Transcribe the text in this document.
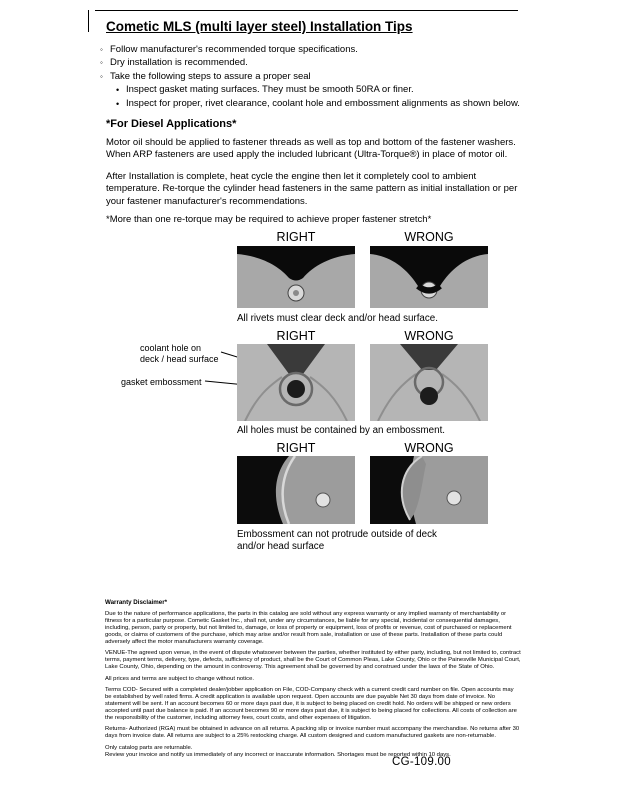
Cometic MLS (multi layer steel) Installation Tips
◦ Follow manufacturer's recommended torque specifications.
◦ Dry installation is recommended.
◦ Take the following steps to assure a proper seal
• Inspect gasket mating surfaces. They must be smooth 50RA or finer.
• Inspect for proper, rivet clearance, coolant hole and embossment alignments as shown below.
*For Diesel Applications*
Motor oil should be applied to fastener threads as well as top and bottom of the fastener washers. When ARP fasteners are used apply the included lubricant (Ultra-Torque®) in place of motor oil.
After Installation is complete, heat cycle the engine then let it completely cool to ambient temperature. Re-torque the cylinder head fasteners in the same pattern as initial installation or per your fastener manufacturer's recommendations.
*More than one re-torque may be required to achieve proper fastener stretch*
RIGHT	WRONG
All rivets must clear deck and/or head surface.
RIGHT	WRONG
coolant hole on
deck / head surface
gasket embossment
All holes must be contained by an embossment.
RIGHT	WRONG
Embossment can not protrude outside of deck
and/or head surface

Warranty Disclaimer*

Due to the nature of performance applications, the parts in this catalog are sold without any express warranty or any implied warranty of merchantability or fitness for a particular purpose. Cometic Gasket Inc., shall not, under any circumstances, be liable for any special, incidental or consequential damages, including, person, party or property, but not limited to, damage, or loss of property or equipment, loss of profits or revenue, cost of purchased or replacement goods, or claims of customers of the purchase, which may arise and/or result from sale, installation or use of these parts. Installation of these parts could adversely affect the motor manufacturers warranty coverage.

VENUE-The agreed upon venue, in the event of dispute whatsoever between the parties, whether instituted by either party, including, but not limited to, contract terms, payment terms, delivery, type, defects, sufficiency of product, shall be the Court of Common Pleas, Lake County, Ohio or the Painesville Municipal Court, Lake County, Ohio, depending on the amount in controversy. This agreement shall be governed by and construed under the laws of the State of Ohio.

All prices and terms are subject to change without notice.

Terms COD- Secured with a completed dealer/jobber application on File, COD-Company check with a current credit card number on file. Open accounts may be established by well rated firms. A credit application is available upon request. Open accounts are due payable Net 30 days from date of invoice. No statement will be sent. If an account becomes 60 or more days past due, it is subject to being placed on credit hold. No orders will be shipped or new orders accepted until past due balance is paid. If an account becomes 90 or more days past due, it is subject to being placed for collections. All costs of collection are the responsibility of the customer, including attorney fees, court costs, and other expenses of litigation.

Returns- Authorized (RGA) must be obtained in advance on all returns. A packing slip or invoice number must accompany the merchandise. No returns after 30 days from invoice date. All returns are subject to a 25% restocking charge. All custom designed and custom manufactured gaskets are non-returnable.

Only catalog parts are returnable.

Review your invoice and notify us immediately of any incorrect or inaccurate information. Shortages must be reported within 10 days.

CG-109.00
